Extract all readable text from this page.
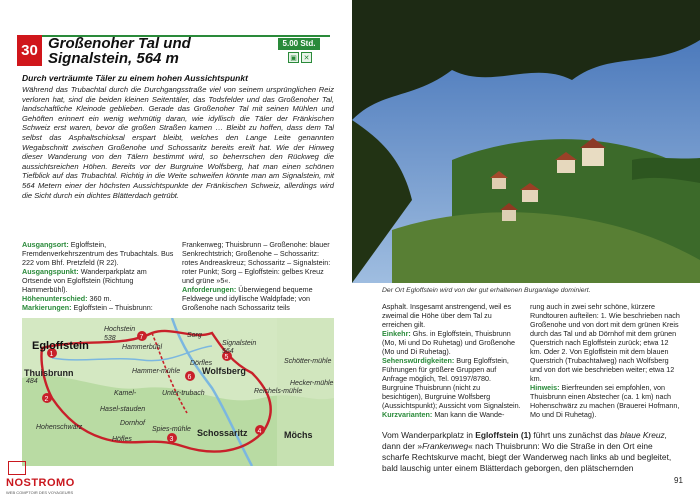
30 Großenoher Tal und Signalstein, 564 m
5.00 Std.
▣ ✕
Durch verträumte Täler zu einem hohen Aussichtspunkt
Während das Trubachtal durch die Durchgangsstraße viel von seinem ursprünglichen Reiz verloren hat, sind die beiden kleinen Seitentäler, das Todsfelder und das Großenoher Tal, landschaftliche Kleinode geblieben. Gerade das Großenoher Tal mit seinen Mühlen und Gehöften erinnert ein wenig wehmütig daran, wie idyllisch die Täler der Fränkischen Schweiz erst waren, bevor die großen Straßen kamen … Bleibt zu hoffen, dass dem Tal selbst das Asphaltschicksal erspart bleibt, welches den Lange Leite genannten Wegabschnitt zwischen Großenohe und Schossaritz bereits ereilt hat. Wie der Hinweg dieser Wanderung von den Tälern bestimmt wird, so beherrschen den Rückweg die aussichtsreichen Höhen. Bereits vor der Burgruine Wolfsberg, hat man einen schönen Tiefblick auf das Trubachtal. Richtig in die Weite schweifen könnte man am Signalstein, mit 564 Metern einer der höchsten Aussichtspunkte der Fränkischen Schweiz, allerdings wird die Sicht durch ein dichtes Blätterdach getrübt.
Ausgangsort: Egloffstein, Fremdenverkehrszentrum des Trubachtals. Bus 222 vom Bhf. Pretzfeld (R 22).
Ausgangspunkt: Wanderparkplatz am Ortsende von Egloffstein (Richtung Hammerbühl).
Höhenunterschied: 360 m.
Markierungen: Egloffstein – Thuisbrunn:
Frankenweg; Thuisbrunn – Großenohe: blauer Senkrechtstrich; Großenohe – Schossaritz: rotes Andreaskreuz; Schossaritz – Signalstein: roter Punkt; Sorg – Egloffstein: gelbes Kreuz und grüne »5«.
Anforderungen: Überwiegend bequeme Feldwege und idyllische Waldpfade; von Großenohe nach Schossaritz teils
1
2
3
4
5
6
7
Egloffstein
Thuisbrunn
484
Hochstein
538
Hammerbühl
Sorg
Signalstein
564
Wolfsberg
Dörfles
Unter-trubach
Hammer-mühle
Kamel-
Hasel-stauden
Dornhof
Hohenschwärz
Höfles
Spies-mühle Schossaritz
Schötter-mühle
Hecker-mühle
Reichels-mühle
Möchs
NOSTROMO
WEB COMPTOIR DES VOYAGEURS
Der Ort Egloffstein wird von der gut erhaltenen Burganlage dominiert.
Asphalt. Insgesamt anstrengend, weil es zweimal die Höhe über dem Tal zu erreichen gilt.
Einkehr: Ghs. in Egloffstein, Thuisbrunn (Mo, Mi und Do Ruhetag) und Großenohe (Mo und Di Ruhetag).
Sehenswürdigkeiten: Burg Egloffstein, Führungen für größere Gruppen auf Anfrage möglich, Tel. 09197/8780. Burgruine Thuisbrunn (nicht zu besichtigen), Burgruine Wolfsberg (Aussichtspunkt); Aussicht vom Signalstein.
Kurzvarianten: Man kann die Wande-
rung auch in zwei sehr schöne, kürzere Rundtouren aufteilen: 1. Wie beschrieben nach Großenohe und von dort mit dem grünen Kreis durch das Tal und ab Dörnhof mit dem grünen Querstrich nach Egloffstein zurück; etwa 12 km. Oder 2. Von Egloffstein mit dem blauen Querstrich (Trubachtalweg) nach Wolfsberg und von dort wie beschrieben weiter; etwa 12 km.
Hinweis: Bierfreunden sei empfohlen, von Thuisbrunn einen Abstecher (ca. 1 km) nach Hohenschwärz zu machen (Brauerei Hofmann, Mo und Di Ruhetag).
Vom Wanderparkplatz in Egloffstein (1) führt uns zunächst das blaue Kreuz, dann der »Frankenweg« nach Thuisbrunn: Wo die Straße in den Ort eine scharfe Rechtskurve macht, biegt der Wanderweg nach links ab und begleitet, bald lauschig unter einem Blätterdach geborgen, den plätschernden
91
